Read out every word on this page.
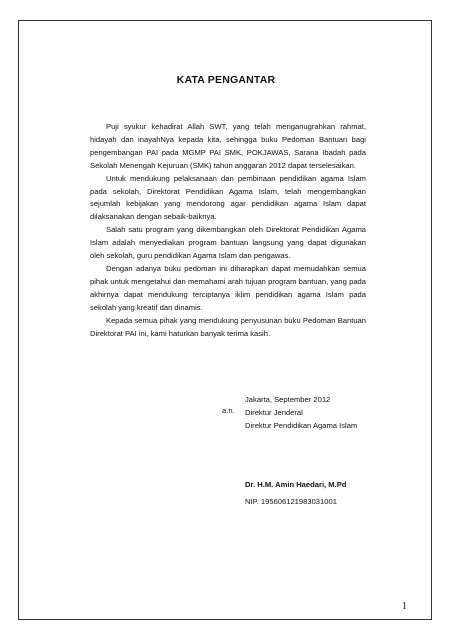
KATA PENGANTAR

Puji syukur kehadirat Allah SWT, yang telah menganugrahkan rahmat, hidayah dan inayahNya kepada kita, sehingga buku Pedoman Bantuan bagi pengembangan PAI pada MGMP PAI SMK, POKJAWAS, Sarana Ibadah pada Sekolah Menengah Kejuruan (SMK) tahun anggaran 2012 dapat terselesaikan.

Untuk mendukung pelaksanaan dan pembinaan pendidikan agama Islam pada sekolah, Direktorat Pendidikan Agama Islam, telah mengembangkan sejumlah kebijakan yang mendorong agar pendidikan agama Islam dapat dilaksanakan dengan sebaik-baiknya.

Salah satu program yang dikembangkan oleh Direktorat Pendidikan Agama Islam adalah menyediakan program bantuan langsung yang dapat digunakan oleh sekolah, guru pendidikan Agama Islam dan pengawas.

Dengan adanya buku pedoman ini diharapkan dapat memudahkan semua pihak untuk mengetahui dan memahami arah tujuan program bantuan, yang pada akhirnya dapat mendukung terciptanya iklim pendidikan agama Islam pada sekolah yang kreatif dan dinamis.

Kepada semua pihak yang mendukung penyusunan buku Pedoman Bantuan Direktorat PAI ini, kami haturkan banyak terima kasih.

Jakarta, September 2012
Direktur Jenderal
Direktur Pendidikan Agama Islam
a.n.
Dr. H.M. Amin Haedari, M.Pd
NIP. 195606121983031001
1
